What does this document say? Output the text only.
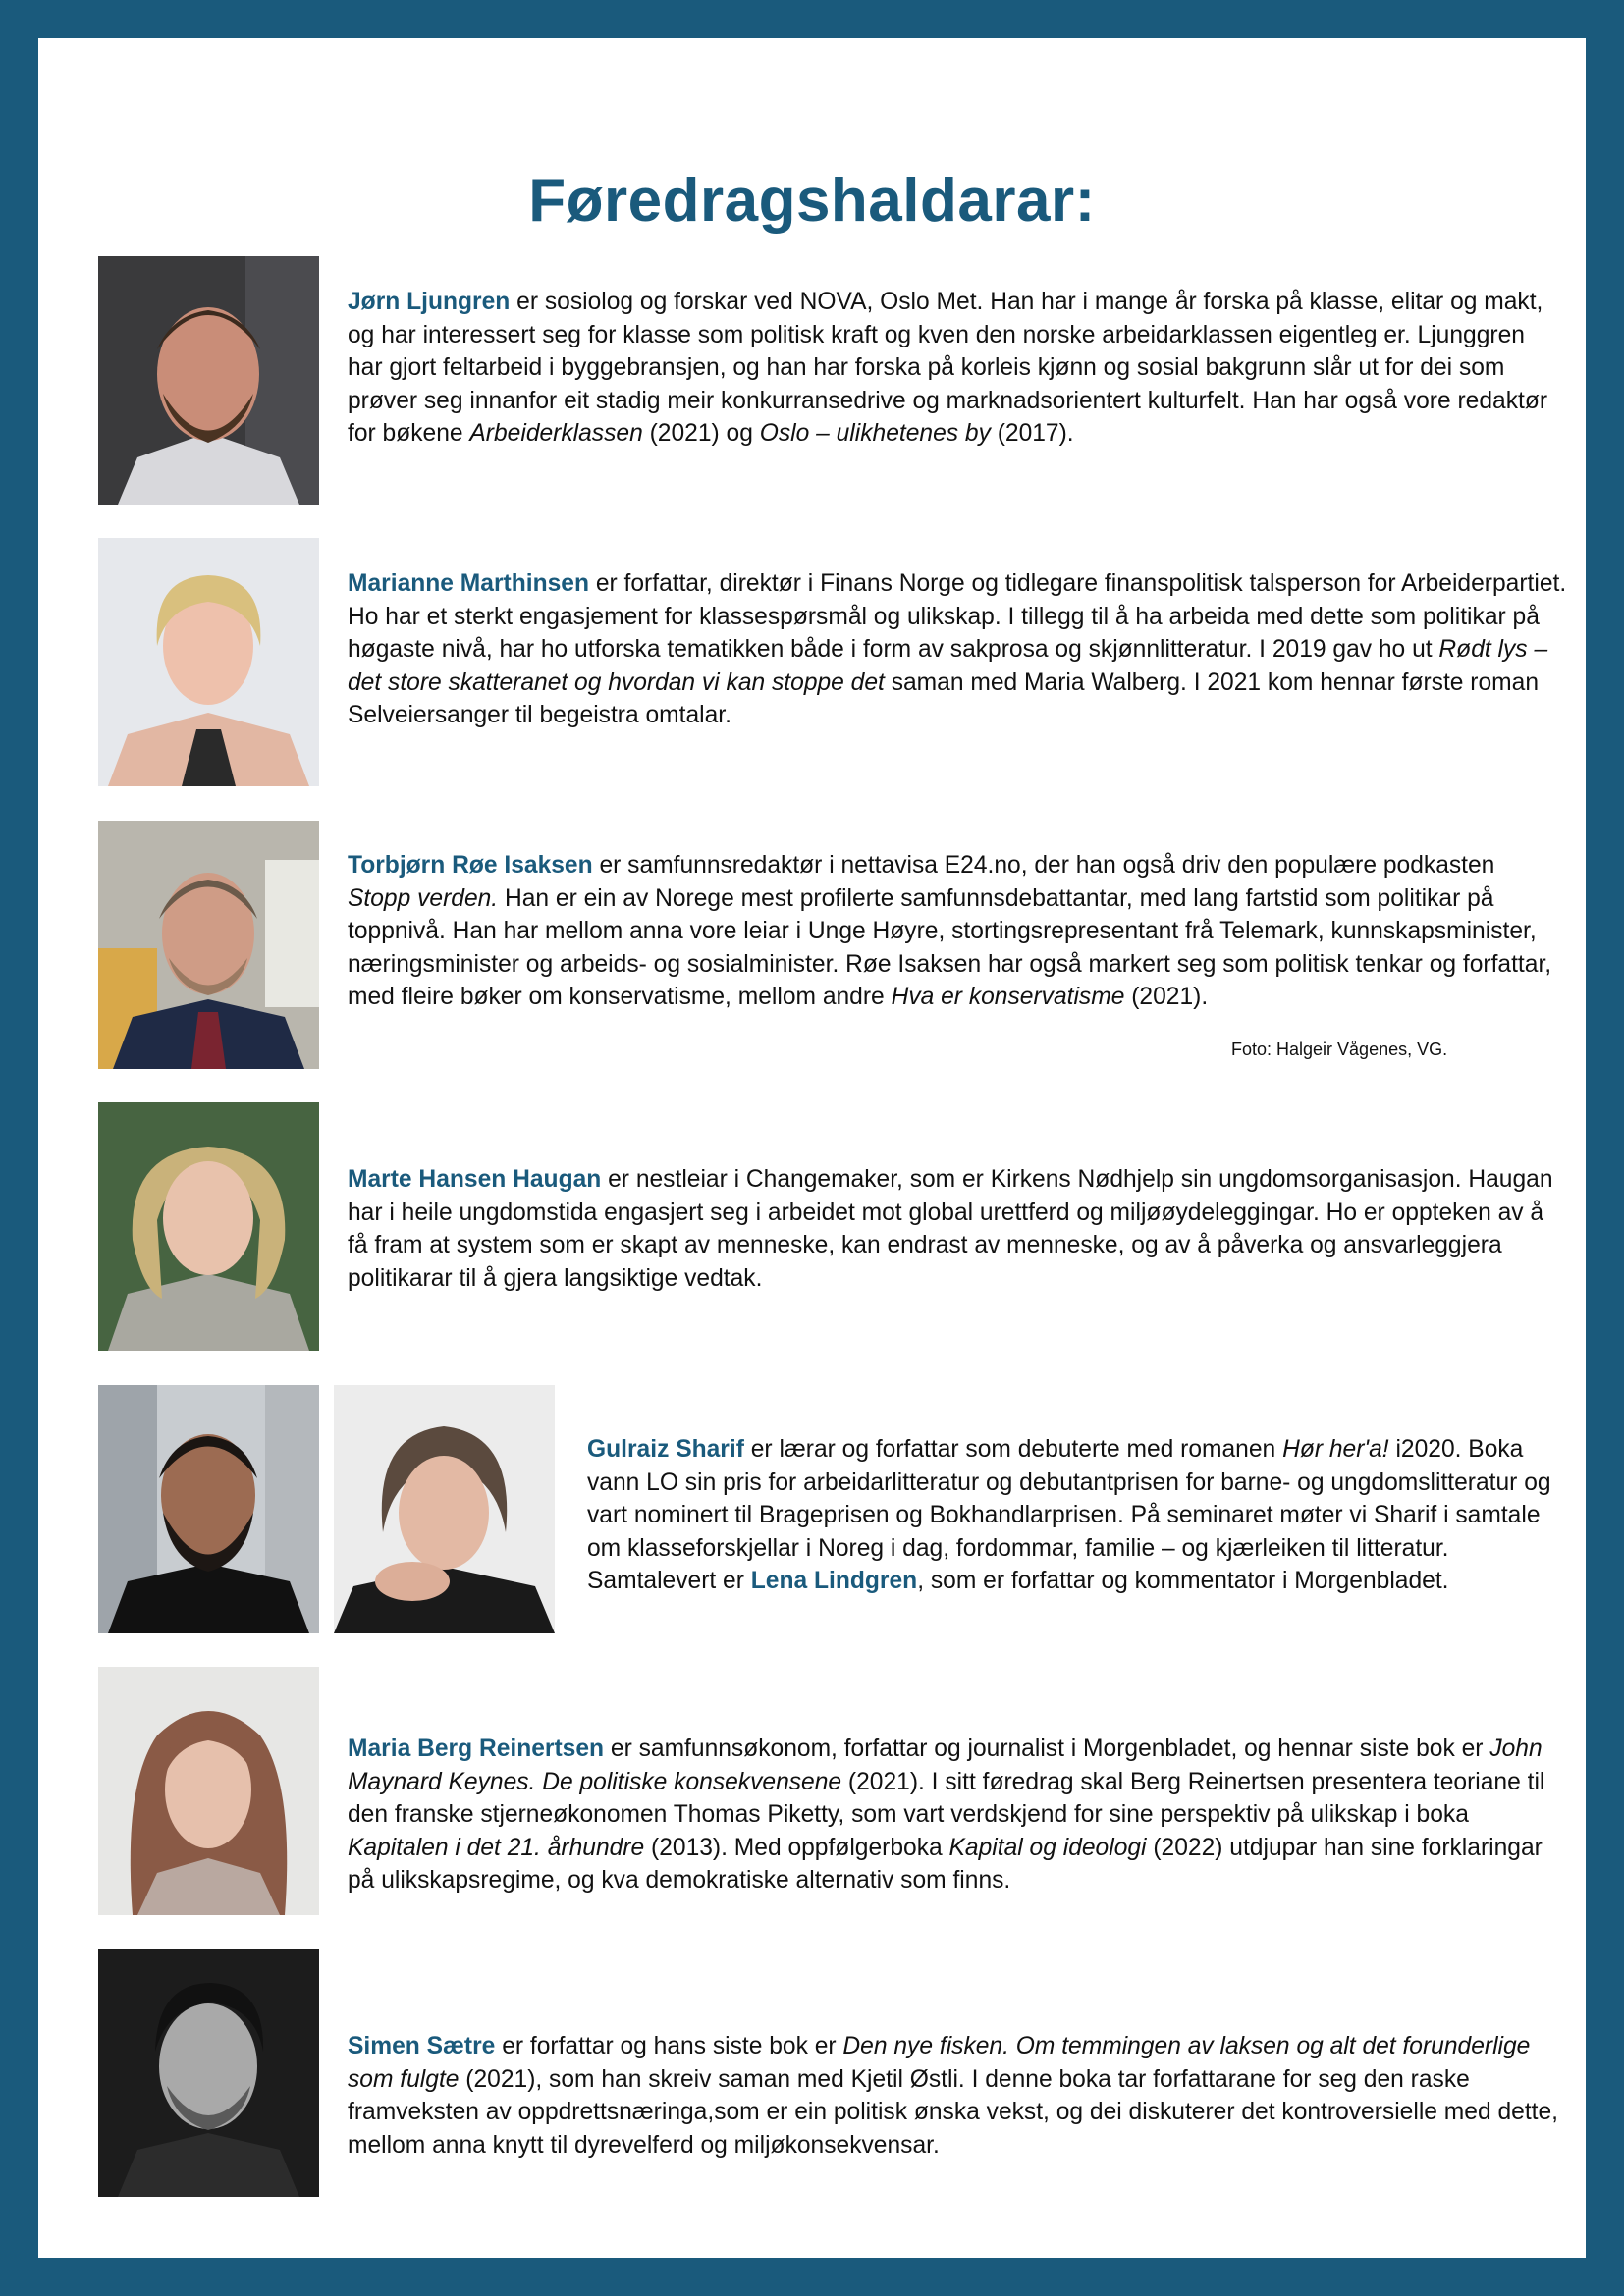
Føredragshaldarar:

Jørn Ljungren er sosiolog og forskar ved NOVA, Oslo Met. Han har i mange år forska på klasse, elitar og makt, og har interessert seg for klasse som politisk kraft og kven den norske arbeidarklassen eigentleg er. Ljunggren har gjort feltarbeid i byggebransjen, og han har forska på korleis kjønn og sosial bakgrunn slår ut for dei som prøver seg innanfor eit stadig meir konkurransedrive og marknadsorientert kulturfelt. Han har også vore redaktør for bøkene Arbeiderklassen (2021) og Oslo – ulikhetenes by (2017).

Marianne Marthinsen er forfattar, direktør i Finans Norge og tidlegare finanspolitisk talsperson for Arbeiderpartiet. Ho har et sterkt engasjement for klassespørsmål og ulikskap. I tillegg til å ha arbeida med dette som politikar på høgaste nivå, har ho utforska tematikken både i form av sakprosa og skjønnlitteratur. I 2019 gav ho ut Rødt lys – det store skatteranet og hvordan vi kan stoppe det saman med Maria Walberg. I 2021 kom hennar første roman Selveiersanger til begeistra omtalar.

Torbjørn Røe Isaksen er samfunnsredaktør i nettavisa E24.no, der han også driv den populære podkasten Stopp verden. Han er ein av Norege mest profilerte samfunnsdebattantar, med lang fartstid som politikar på toppnivå. Han har mellom anna vore leiar i Unge Høyre, stortingsrepresentant frå Telemark, kunnskapsminister, næringsminister og arbeids- og sosialminister. Røe Isaksen har også markert seg som politisk tenkar og forfattar, med fleire bøker om konservatisme, mellom andre Hva er konservatisme (2021).

Foto: Halgeir Vågenes, VG.

Marte Hansen Haugan er nestleiar i Changemaker, som er Kirkens Nødhjelp sin ungdomsorganisasjon. Haugan har i heile ungdomstida engasjert seg i arbeidet mot global urettferd og miljøøydeleggingar. Ho er oppteken av å få fram at system som er skapt av menneske, kan endrast av menneske, og av å påverka og ansvarleggjera politikarar til å gjera langsiktige vedtak.

Gulraiz Sharif er lærar og forfattar som debuterte med romanen Hør her'a! i2020. Boka vann LO sin pris for arbeidarlitteratur og debutantprisen for barne- og ungdomslitteratur og vart nominert til Brageprisen og Bokhandlarprisen. På seminaret møter vi Sharif i samtale om klasseforskjellar i Noreg i dag, fordommar, familie – og kjærleiken til litteratur. Samtalevert er Lena Lindgren, som er forfattar og kommentator i Morgenbladet.

Maria Berg Reinertsen er samfunnsøkonom, forfattar og journalist i Morgenbladet, og hennar siste bok er John Maynard Keynes. De politiske konsekvensene (2021). I sitt føredrag skal Berg Reinertsen presentera teoriane til den franske stjerneøkonomen Thomas Piketty, som vart verdskjend for sine perspektiv på ulikskap i boka Kapitalen i det 21. århundre (2013). Med oppfølgerboka Kapital og ideologi (2022) utdjupar han sine forklaringar på ulikskapsregime, og kva demokratiske alternativ som finns.

Simen Sætre er forfattar og hans siste bok er Den nye fisken. Om temmingen av laksen og alt det forunderlige som fulgte (2021), som han skreiv saman med Kjetil Østli. I denne boka tar forfattarane for seg den raske framveksten av oppdrettsnæringa,som er ein politisk ønska vekst, og dei diskuterer det kontroversielle med dette, mellom anna knytt til dyrevelferd og miljøkonsekvensar.
